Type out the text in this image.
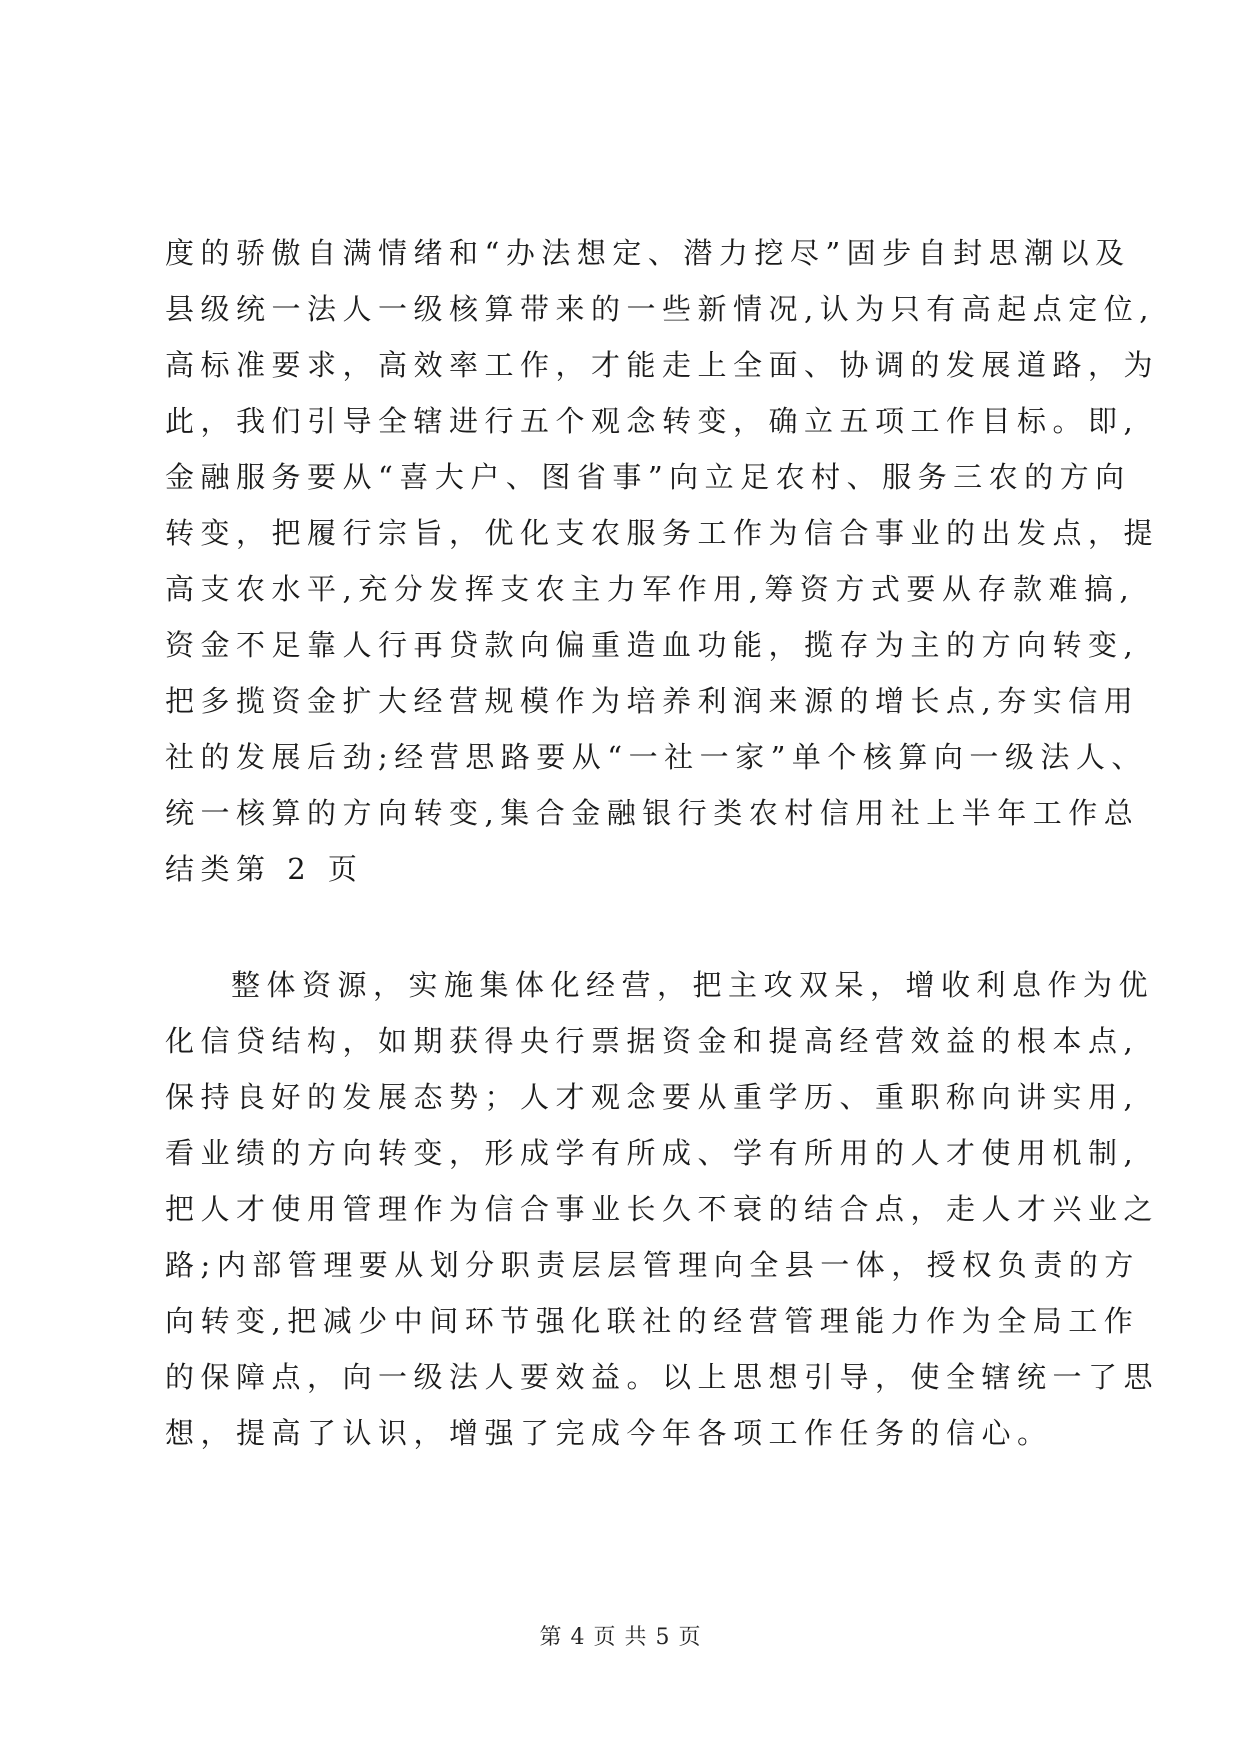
度的骄傲自满情绪和“办法想定、潜力挖尽”固步自封思潮以及
县级统一法人一级核算带来的一些新情况,认为只有高起点定位,
高标准要求，高效率工作，才能走上全面、协调的发展道路，为
此，我们引导全辖进行五个观念转变，确立五项工作目标。即,
金融服务要从“喜大户、图省事”向立足农村、服务三农的方向
转变，把履行宗旨，优化支农服务工作为信合事业的出发点，提
高支农水平,充分发挥支农主力军作用,筹资方式要从存款难搞,
资金不足靠人行再贷款向偏重造血功能，揽存为主的方向转变,
把多揽资金扩大经营规模作为培养利润来源的增长点,夯实信用
社的发展后劲;经营思路要从“一社一家”单个核算向一级法人、
统一核算的方向转变,集合金融银行类农村信用社上半年工作总
结类第 2 页
整体资源，实施集体化经营，把主攻双呆，增收利息作为优
化信贷结构，如期获得央行票据资金和提高经营效益的根本点,
保持良好的发展态势；人才观念要从重学历、重职称向讲实用,
看业绩的方向转变，形成学有所成、学有所用的人才使用机制,
把人才使用管理作为信合事业长久不衰的结合点，走人才兴业之
路;内部管理要从划分职责层层管理向全县一体，授权负责的方
向转变,把减少中间环节强化联社的经营管理能力作为全局工作
的保障点，向一级法人要效益。以上思想引导，使全辖统一了思
想，提高了认识，增强了完成今年各项工作任务的信心。
第 4 页 共 5 页
